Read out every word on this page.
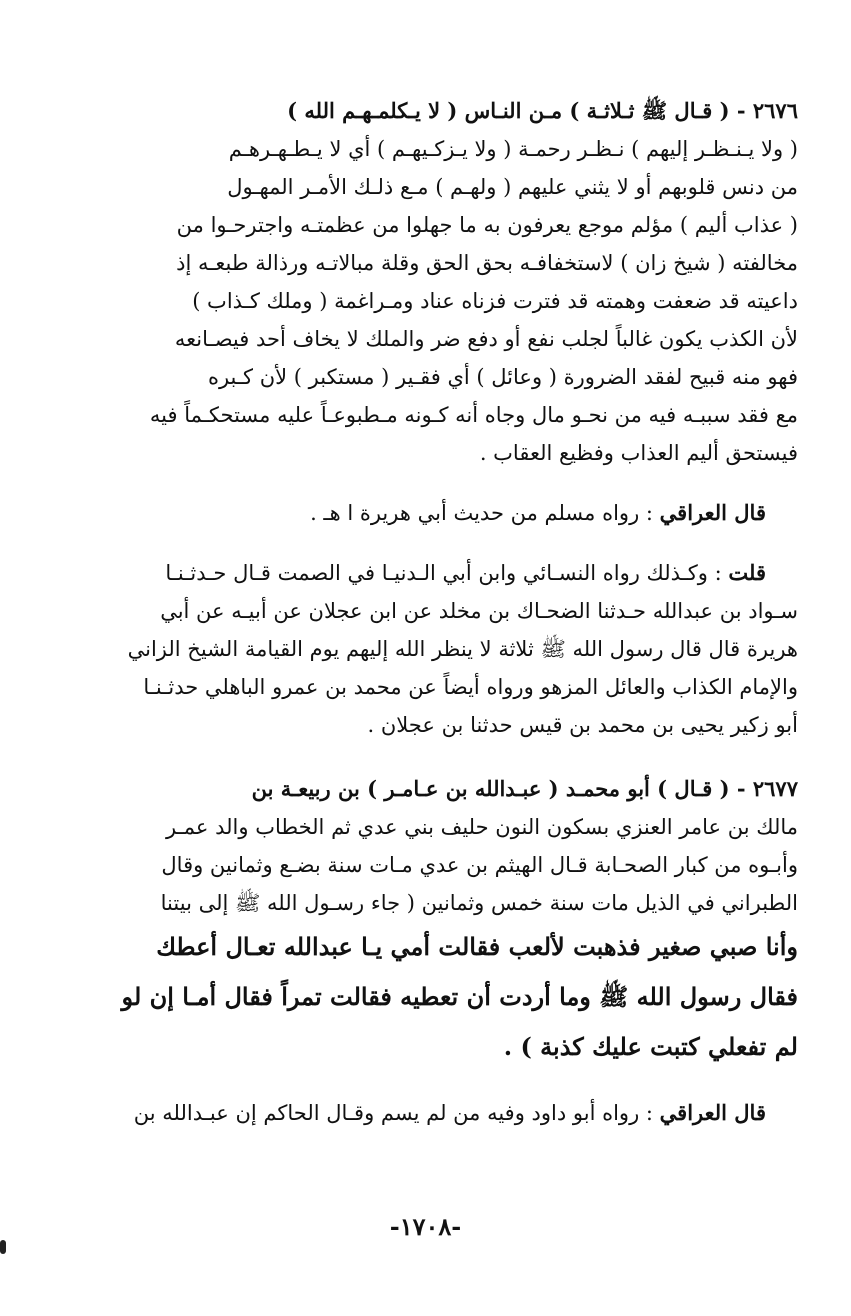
٢٦٧٦ - ( قـال ﷺ ثـلاثـة ) مـن النـاس ( لا يـكلمـهـم الله )
( ولا يـنـظـر إليهم ) نـظـر رحمـة ( ولا يـزكـيهـم ) أي لا يـطـهـرهـم
من دنس قلوبهم أو لا يثني عليهم ( ولهـم ) مـع ذلـك الأمـر المهـول
( عذاب أليم ) مؤلم موجع يعرفون به ما جهلوا من عظمتـه واجترحـوا من
مخالفته ( شيخ زان ) لاستخفافـه بحق الحق وقلة مبالاتـه ورذالة طبعـه إذ
داعيته قد ضعفت وهمته قد فترت فزناه عناد ومـراغمة ( وملك كـذاب )
لأن الكذب يكون غالباً لجلب نفع أو دفع ضر والملك لا يخاف أحد فيصـانعه
فهو منه قبيح لفقد الضرورة ( وعائل ) أي فقـير ( مستكبر ) لأن كـبره
مع فقد سببـه فيه من نحـو مال وجاه أنه كـونه مـطبوعـاً عليه مستحكـماً فيه
فيستحق أليم العذاب وفظيع العقاب .
قال العراقي : رواه مسلم من حديث أبي هريرة ا هـ .
قلت : وكـذلك رواه النسـائي وابن أبي الـدنيـا في الصمت قـال حـدثـنـا
سـواد بن عبدالله حـدثنا الضحـاك بن مخلد عن ابن عجلان عن أبيـه عن أبي
هريرة قال قال رسول الله ﷺ ثلاثة لا ينظر الله إليهم يوم القيامة الشيخ الزاني
والإمام الكذاب والعائل المزهو ورواه أيضاً عن محمد بن عمرو الباهلي حدثـنـا
أبو زكير يحيى بن محمد بن قيس حدثنا بن عجلان .
٢٦٧٧ - ( قـال ) أبو محمـد ( عبـدالله بن عـامـر ) بن ربيعـة بن
مالك بن عامر العنزي بسكون النون حليف بني عدي ثم الخطاب والد عمـر
وأبـوه من كبار الصحـابة قـال الهيثم بن عدي مـات سنة بضـع وثمانين وقال
الطبراني في الذيل مات سنة خمس وثمانين ( جاء رسـول الله ﷺ إلى بيتنا
وأنا صبي صغير فذهبت لألعب فقالت أمي يـا عبدالله تعـال أعطك
فقال رسول الله ﷺ وما أردت أن تعطيه فقالت تمراً فقال أمـا إن لو
لم تفعلي كتبت عليك كذبة ) .
قال العراقي : رواه أبو داود وفيه من لم يسم وقـال الحاكم إن عبـدالله بن
-١٧٠٨-
